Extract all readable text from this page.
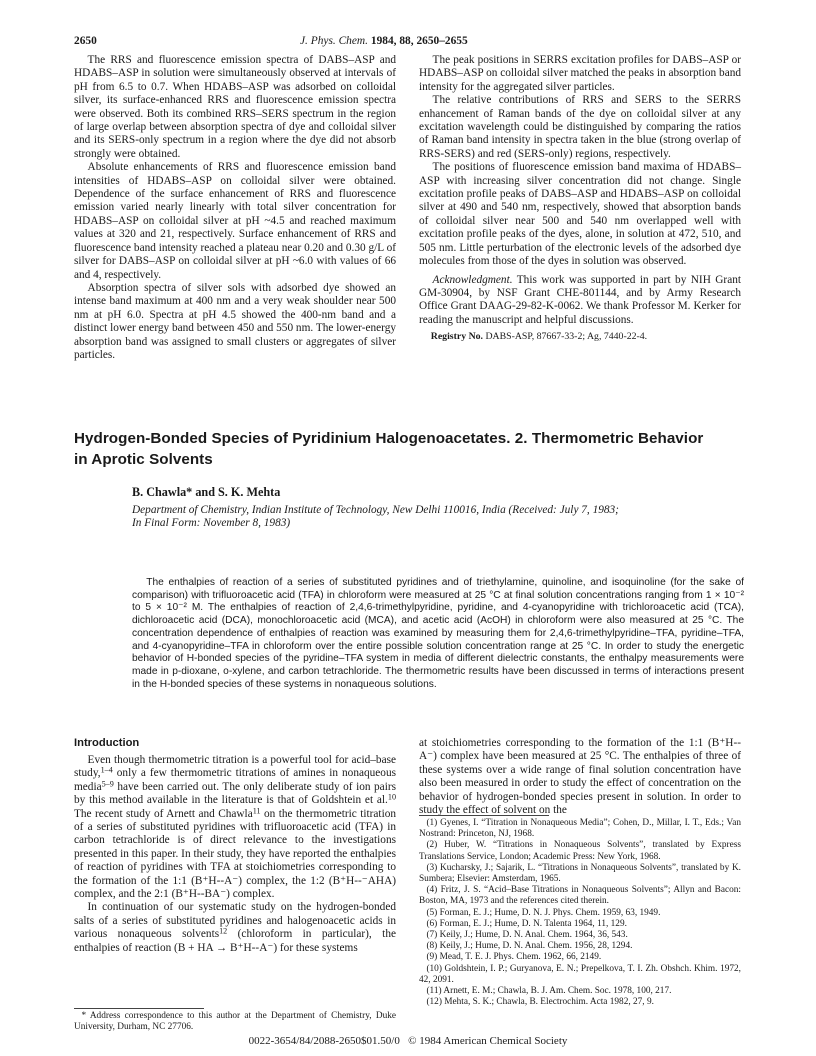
2650	J. Phys. Chem. 1984, 88, 2650–2655

The RRS and fluorescence emission spectra of DABS–ASP and HDABS–ASP in solution were simultaneously observed at intervals of pH from 6.5 to 0.7. When HDABS–ASP was adsorbed on colloidal silver, its surface-enhanced RRS and fluorescence emission spectra were observed. Both its combined RRS–SERS spectrum in the region of large overlap between absorption spectra of dye and colloidal silver and its SERS-only spectrum in a region where the dye did not absorb strongly were obtained.

Absolute enhancements of RRS and fluorescence emission band intensities of HDABS–ASP on colloidal silver were obtained. Dependence of the surface enhancement of RRS and fluorescence emission varied nearly linearly with total silver concentration for HDABS–ASP on colloidal silver at pH ~4.5 and reached maximum values at 320 and 21, respectively. Surface enhancement of RRS and fluorescence band intensity reached a plateau near 0.20 and 0.30 g/L of silver for DABS–ASP on colloidal silver at pH ~6.0 with values of 66 and 4, respectively.

Absorption spectra of silver sols with adsorbed dye showed an intense band maximum at 400 nm and a very weak shoulder near 500 nm at pH 6.0. Spectra at pH 4.5 showed the 400-nm band and a distinct lower energy band between 450 and 550 nm. The lower-energy absorption band was assigned to small clusters or aggregates of silver particles.

The peak positions in SERRS excitation profiles for DABS–ASP or HDABS–ASP on colloidal silver matched the peaks in absorption band intensity for the aggregated silver particles.

The relative contributions of RRS and SERS to the SERRS enhancement of Raman bands of the dye on colloidal silver at any excitation wavelength could be distinguished by comparing the ratios of Raman band intensity in spectra taken in the blue (strong overlap of RRS-SERS) and red (SERS-only) regions, respectively.

The positions of fluorescence emission band maxima of HDABS–ASP with increasing silver concentration did not change. Single excitation profile peaks of DABS–ASP and HDABS–ASP on colloidal silver at 490 and 540 nm, respectively, showed that absorption bands of colloidal silver near 500 and 540 nm overlapped well with excitation profile peaks of the dyes, alone, in solution at 472, 510, and 505 nm. Little perturbation of the electronic levels of the adsorbed dye molecules from those of the dyes in solution was observed.

Acknowledgment. This work was supported in part by NIH Grant GM-30904, by NSF Grant CHE-801144, and by Army Research Office Grant DAAG-29-82-K-0062. We thank Professor M. Kerker for reading the manuscript and helpful discussions.

Registry No. DABS-ASP, 87667-33-2; Ag, 7440-22-4.

Hydrogen-Bonded Species of Pyridinium Halogenoacetates. 2. Thermometric Behavior
in Aprotic Solvents
B. Chawla* and S. K. Mehta
Department of Chemistry, Indian Institute of Technology, New Delhi 110016, India (Received: July 7, 1983;
In Final Form: November 8, 1983)
The enthalpies of reaction of a series of substituted pyridines and of triethylamine, quinoline, and isoquinoline (for the sake of comparison) with trifluoroacetic acid (TFA) in chloroform were measured at 25 °C at final solution concentrations ranging from 1 × 10⁻² to 5 × 10⁻² M. The enthalpies of reaction of 2,4,6-trimethylpyridine, pyridine, and 4-cyanopyridine with trichloroacetic acid (TCA), dichloroacetic acid (DCA), monochloroacetic acid (MCA), and acetic acid (AcOH) in chloroform were also measured at 25 °C. The concentration dependence of enthalpies of reaction was examined by measuring them for 2,4,6-trimethylpyridine–TFA, pyridine–TFA, and 4-cyanopyridine–TFA in chloroform over the entire possible solution concentration range at 25 °C. In order to study the energetic behavior of H-bonded species of the pyridine–TFA system in media of different dielectric constants, the enthalpy measurements were made in p-dioxane, o-xylene, and carbon tetrachloride. The thermometric results have been discussed in terms of interactions present in the H-bonded species of these systems in nonaqueous solutions.
Introduction

Even though thermometric titration is a powerful tool for acid–base study,$^{1-4}$ only a few thermometric titrations of amines in nonaqueous media$^{5-9}$ have been carried out. The only deliberate study of ion pairs by this method available in the literature is that of Goldshtein et al.$^{10}$ The recent study of Arnett and Chawla$^{11}$ on the thermometric titration of a series of substituted pyridines with trifluoroacetic acid (TFA) in carbon tetrachloride is of direct relevance to the investigations presented in this paper. In their study, they have reported the enthalpies of reaction of pyridines with TFA at stoichiometries corresponding to the formation of the 1:1 (B⁺H--A⁻) complex, the 1:2 (B⁺H--⁻AHA) complex, and the 2:1 (B⁺H--BA⁻) complex.

In continuation of our systematic study on the hydrogen-bonded salts of a series of substituted pyridines and halogenoacetic acids in various nonaqueous solvents$^{12}$ (chloroform in particular), the enthalpies of reaction (B + HA → B⁺H--A⁻) for these systems

* Address correspondence to this author at the Department of Chemistry, Duke University, Durham, NC 27706.

at stoichiometries corresponding to the formation of the 1:1 (B⁺H--A⁻) complex have been measured at 25 °C. The enthalpies of three of these systems over a wide range of final solution concentration have also been measured in order to study the effect of concentration on the behavior of hydrogen-bonded species present in solution. In order to study the effect of solvent on the

(1) Gyenes, I. “Titration in Nonaqueous Media”; Cohen, D., Millar, I. T., Eds.; Van Nostrand: Princeton, NJ, 1968.

(2) Huber, W. “Titrations in Nonaqueous Solvents”, translated by Express Translations Service, London; Academic Press: New York, 1968.

(3) Kucharsky, J.; Sajarik, L. “Titrations in Nonaqueous Solvents”, translated by K. Sumbera; Elsevier: Amsterdam, 1965.

(4) Fritz, J. S. “Acid–Base Titrations in Nonaqueous Solvents”; Allyn and Bacon: Boston, MA, 1973 and the references cited therein.

(5) Forman, E. J.; Hume, D. N. J. Phys. Chem. 1959, 63, 1949.

(6) Forman, E. J.; Hume, D. N. Talenta 1964, 11, 129.

(7) Keily, J.; Hume, D. N. Anal. Chem. 1964, 36, 543.

(8) Keily, J.; Hume, D. N. Anal. Chem. 1956, 28, 1294.

(9) Mead, T. E. J. Phys. Chem. 1962, 66, 2149.

(10) Goldshtein, I. P.; Guryanova, E. N.; Prepelkova, T. I. Zh. Obshch. Khim. 1972, 42, 2091.

(11) Arnett, E. M.; Chawla, B. J. Am. Chem. Soc. 1978, 100, 217.

(12) Mehta, S. K.; Chawla, B. Electrochim. Acta 1982, 27, 9.

0022-3654/84/2088-2650$01.50/0 © 1984 American Chemical Society
